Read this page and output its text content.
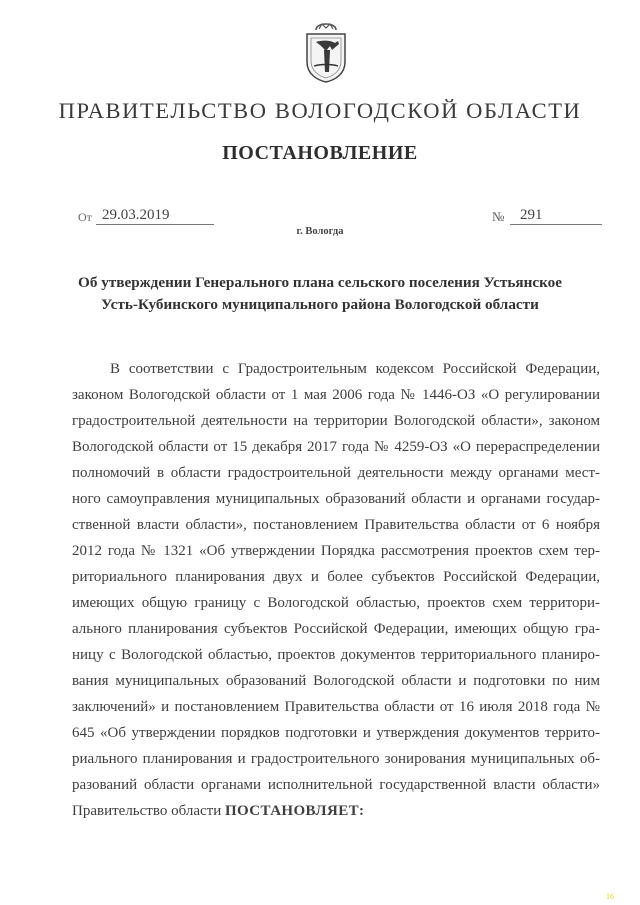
ПРАВИТЕЛЬСТВО ВОЛОГОДСКОЙ ОБЛАСТИ
ПОСТАНОВЛЕНИЕ
От 29.03.2019	№	291
г. Вологда
Об утверждении Генерального плана сельского поселения Устьянское
Усть-Кубинского муниципального района Вологодской области
В соответствии с Градостроительным кодексом Российской Федерации,
законом Вологодской области от 1 мая 2006 года № 1446-ОЗ «О регулировании
градостроительной деятельности на территории Вологодской области», законом
Вологодской области от 15 декабря 2017 года № 4259-ОЗ «О перераспределении
полномочий в области градостроительной деятельности между органами мест-
ного самоуправления муниципальных образований области и органами государ-
ственной власти области», постановлением Правительства области от 6 ноября
2012 года № 1321 «Об утверждении Порядка рассмотрения проектов схем тер-
риториального планирования двух и более субъектов Российской Федерации,
имеющих общую границу с Вологодской областью, проектов схем территори-
ального планирования субъектов Российской Федерации, имеющих общую гра-
ницу с Вологодской областью, проектов документов территориального планиро-
вания муниципальных образований Вологодской области и подготовки по ним
заключений» и постановлением Правительства области от 16 июля 2018 года №
645 «Об утверждении порядков подготовки и утверждения документов террито-
риального планирования и градостроительного зонирования муниципальных об-
разований области органами исполнительной государственной власти области»
Правительство области ПОСТАНОВЛЯЕТ:
16
